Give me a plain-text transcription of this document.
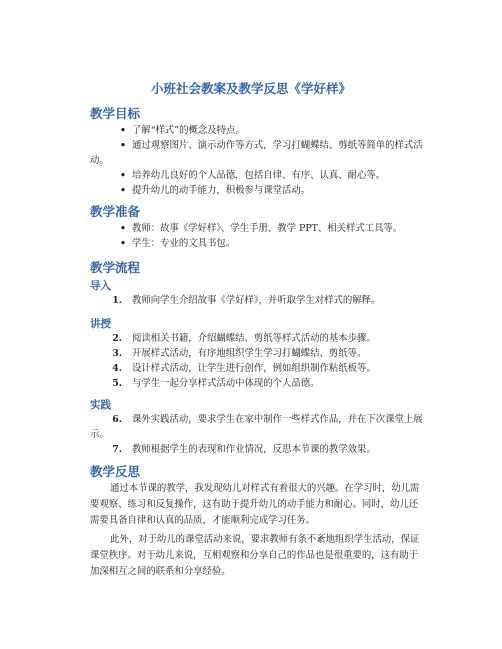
小班社会教案及教学反思《学好样》
教学目标
• 了解“样式”的概念及特点。
• 通过观察图片、演示动作等方式，学习打蝴蝶结、剪纸等简单的样式活动。
• 培养幼儿良好的个人品德，包括自律、有序、认真、耐心等。
• 提升幼儿的动手能力，积极参与课堂活动。
教学准备
• 教师：故事《学好样》、学生手册、教学 PPT、相关样式工具等。
• 学生：专业的文具书包。
教学流程
导入
1.	教师向学生介绍故事《学好样》，并听取学生对样式的解释。
讲授
2.	阅读相关书籍，介绍蝴蝶结、剪纸等样式活动的基本步骤。
3.	开展样式活动，有序地组织学生学习打蝴蝶结、剪纸等。
4.	设计样式活动，让学生进行创作，例如组织制作粘纸板等。
5.	与学生一起分享样式活动中体现的个人品德。
实践
6.	课外实践活动，要求学生在家中制作一些样式作品，并在下次课堂上展示。
7.	教师根据学生的表现和作业情况，反思本节课的教学效果。
教学反思
通过本节课的教学，我发现幼儿对样式有着很大的兴趣。在学习时，幼儿需要观察、练习和反复操作，这有助于提升幼儿的动手能力和耐心。同时，幼儿还需要具备自律和认真的品质，才能顺利完成学习任务。
此外，对于幼儿的课堂活动来说，要求教师有条不紊地组织学生活动，保证课堂秩序。对于幼儿来说，互相观察和分享自己的作品也是很重要的，这有助于加深相互之间的联系和分享经验。
